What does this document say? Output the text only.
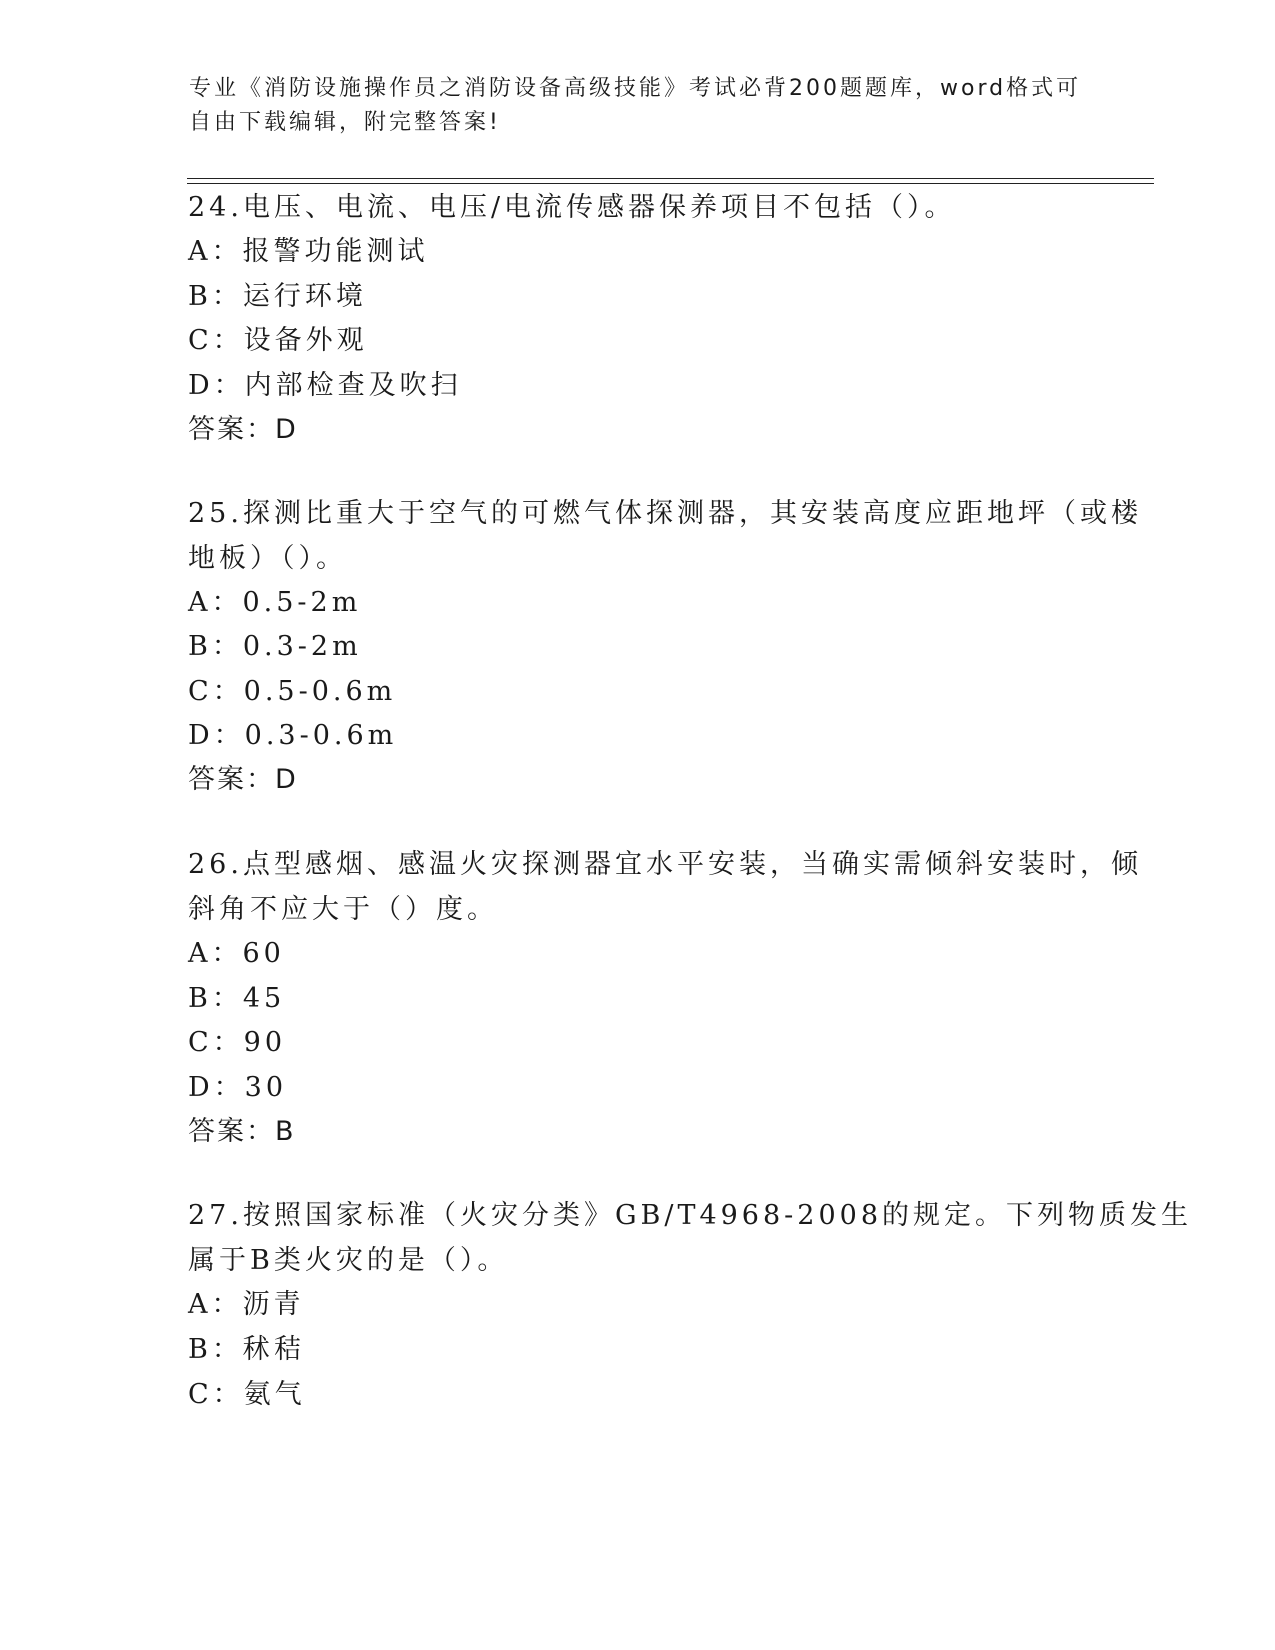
专业《消防设施操作员之消防设备高级技能》考试必背200题题库，word格式可
自由下载编辑，附完整答案!
24.电压、电流、电压/电流传感器保养项目不包括（）。
A：报警功能测试
B：运行环境
C：设备外观
D：内部检查及吹扫
答案：D
25.探测比重大于空气的可燃气体探测器，其安装高度应距地坪（或楼
地板）（）。
A：0.5-2m
B：0.3-2m
C：0.5-0.6m
D：0.3-0.6m
答案：D
26.点型感烟、感温火灾探测器宜水平安装，当确实需倾斜安装时，倾
斜角不应大于（）度。
A：60
B：45
C：90
D：30
答案：B
27.按照国家标准（火灾分类》GB/T4968-2008的规定。下列物质发生
属于B类火灾的是（）。
A：沥青
B：秫秸
C：氨气
